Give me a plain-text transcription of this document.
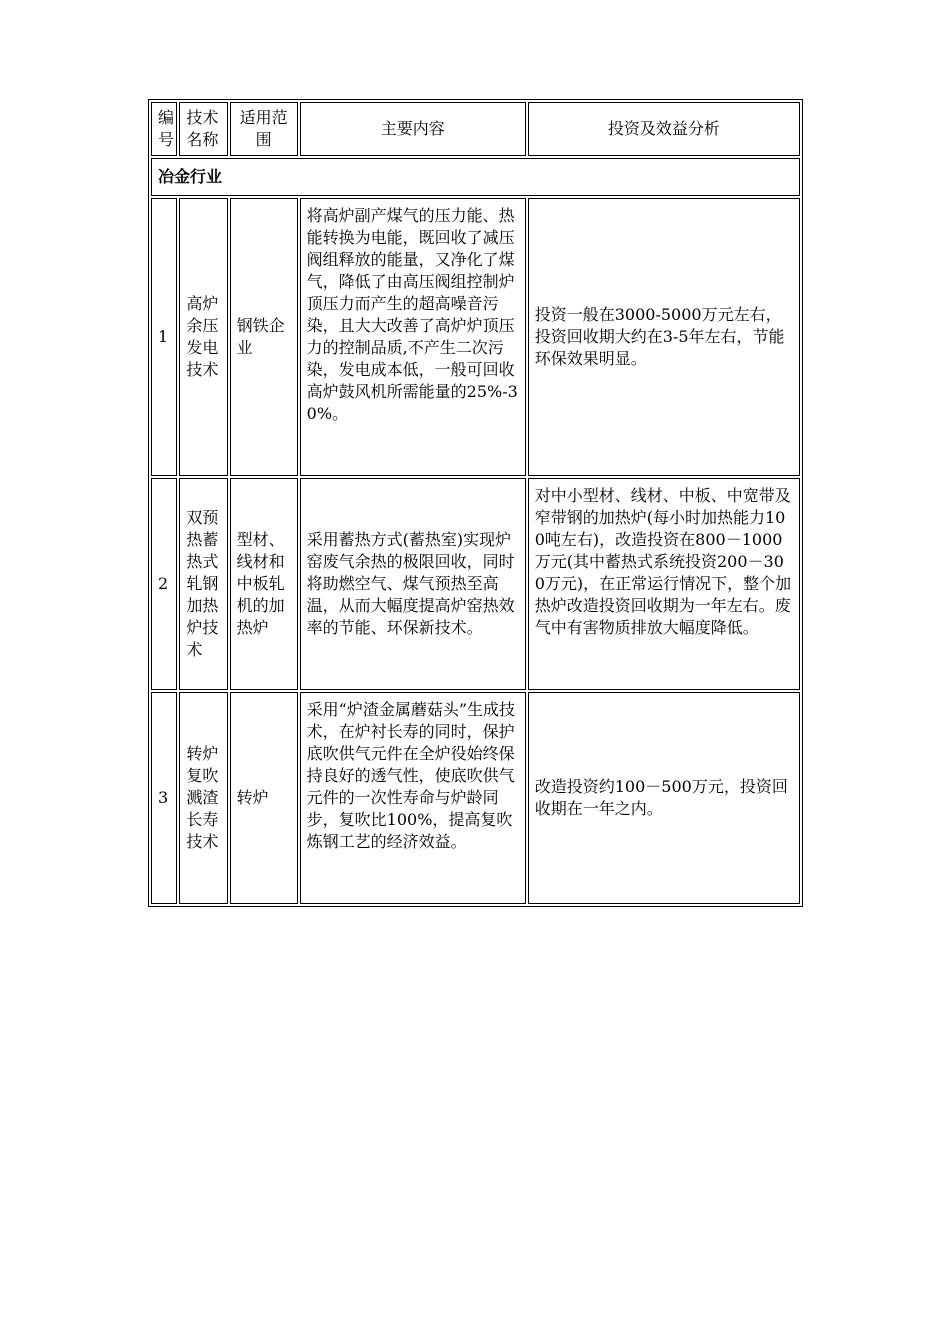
编号	技术名称	适用范围	主要内容	投资及效益分析
冶金行业				
1	高炉余压发电技术	钢铁企业	将高炉副产煤气的压力能、热能转换为电能，既回收了减压阀组释放的能量，又净化了煤气，降低了由高压阀组控制炉顶压力而产生的超高噪音污染，且大大改善了高炉炉顶压力的控制品质,不产生二次污染，发电成本低，一般可回收高炉鼓风机所需能量的25%-30%。	投资一般在3000-5000万元左右，投资回收期大约在3-5年左右，节能环保效果明显。
2	双预热蓄热式轧钢加热炉技术	型材、线材和中板轧机的加热炉	采用蓄热方式(蓄热室)实现炉窑废气余热的极限回收，同时将助燃空气、煤气预热至高温，从而大幅度提高炉窑热效率的节能、环保新技术。	对中小型材、线材、中板、中宽带及窄带钢的加热炉(每小时加热能力100吨左右)，改造投资在800－1000万元(其中蓄热式系统投资200－300万元)，在正常运行情况下，整个加热炉改造投资回收期为一年左右。废气中有害物质排放大幅度降低。
3	转炉复吹溅渣长寿技术	转炉	采用“炉渣金属蘑菇头”生成技术，在炉衬长寿的同时，保护底吹供气元件在全炉役始终保持良好的透气性，使底吹供气元件的一次性寿命与炉龄同步，复吹比100%，提高复吹炼钢工艺的经济效益。	改造投资约100－500万元，投资回收期在一年之内。
